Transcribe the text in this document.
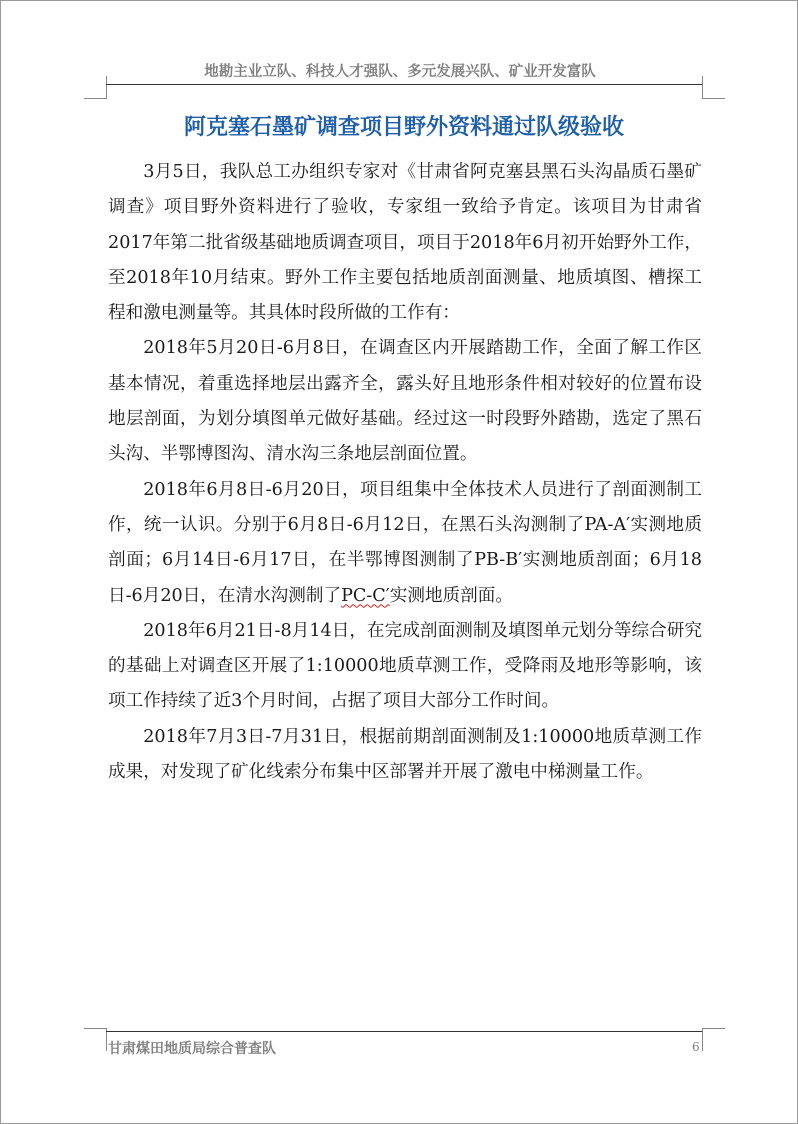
地勘主业立队、科技人才强队、多元发展兴队、矿业开发富队
阿克塞石墨矿调查项目野外资料通过队级验收

3月5日，我队总工办组织专家对《甘肃省阿克塞县黑石头沟晶质石墨矿调查》项目野外资料进行了验收，专家组一致给予肯定。该项目为甘肃省2017年第二批省级基础地质调查项目，项目于2018年6月初开始野外工作，至2018年10月结束。野外工作主要包括地质剖面测量、地质填图、槽探工程和激电测量等。其具体时段所做的工作有：

2018年5月20日-6月8日，在调查区内开展踏勘工作，全面了解工作区基本情况，着重选择地层出露齐全，露头好且地形条件相对较好的位置布设地层剖面，为划分填图单元做好基础。经过这一时段野外踏勘，选定了黑石头沟、半鄂博图沟、清水沟三条地层剖面位置。

2018年6月8日-6月20日，项目组集中全体技术人员进行了剖面测制工作，统一认识。分别于6月8日-6月12日，在黑石头沟测制了PA-A′实测地质剖面；6月14日-6月17日，在半鄂博图测制了PB-B′实测地质剖面；6月18日-6月20日，在清水沟测制了PC-C′实测地质剖面。

2018年6月21日-8月14日，在完成剖面测制及填图单元划分等综合研究的基础上对调查区开展了1:10000地质草测工作，受降雨及地形等影响，该项工作持续了近3个月时间，占据了项目大部分工作时间。

2018年7月3日-7月31日，根据前期剖面测制及1:10000地质草测工作成果，对发现了矿化线索分布集中区部署并开展了激电中梯测量工作。

甘肃煤田地质局综合普查队	6
